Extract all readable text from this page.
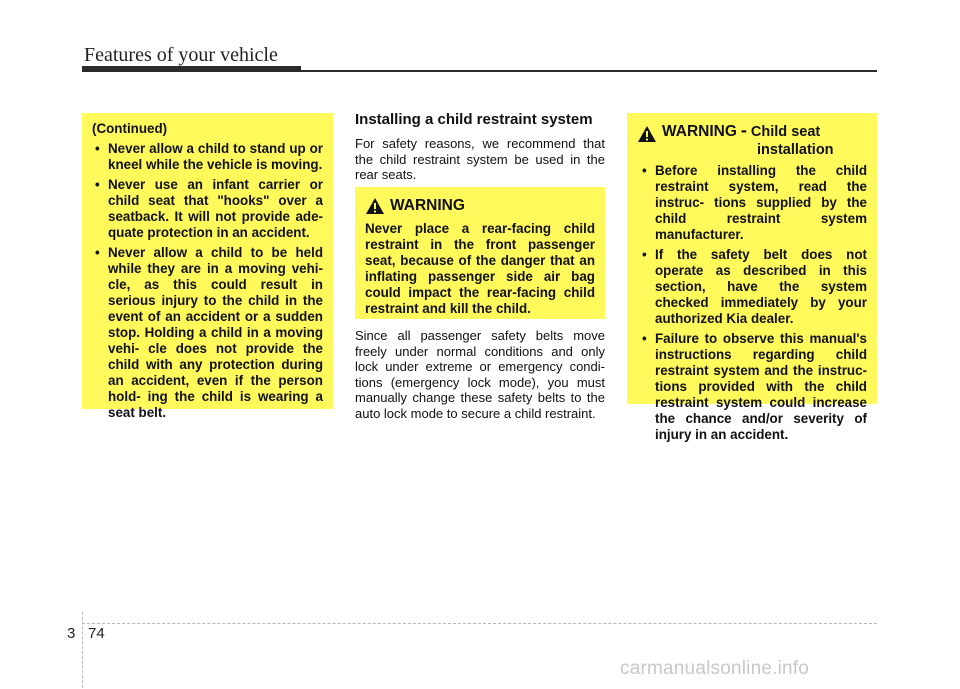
Features of your vehicle
(Continued)
• Never allow a child to stand up or kneel while the vehicle is moving.
• Never use an infant carrier or child seat that "hooks" over a seatback. It will not provide ade- quate protection in an accident.
• Never allow a child to be held while they are in a moving vehi- cle, as this could result in serious injury to the child in the event of an accident or a sudden stop. Holding a child in a moving vehi- cle does not provide the child with any protection during an accident, even if the person hold- ing the child is wearing a seat belt.
Installing a child restraint system

For safety reasons, we recommend that the child restraint system be used in the rear seats.

WARNING

Never place a rear-facing child restraint in the front passenger seat, because of the danger that an inflating passenger side air bag could impact the rear-facing child restraint and kill the child.

Since all passenger safety belts move freely under normal conditions and only lock under extreme or emergency condi- tions (emergency lock mode), you must manually change these safety belts to the auto lock mode to secure a child restraint.

WARNING - Child seat
installation
• Before installing the child restraint system, read the instruc- tions supplied by the child restraint system manufacturer.
• If the safety belt does not operate as described in this section, have the system checked immediately by your authorized Kia dealer.
• Failure to observe this manual's instructions regarding child restraint system and the instruc- tions provided with the child restraint system could increase the chance and/or severity of injury in an accident.
3 74
carmanualsonline.info
